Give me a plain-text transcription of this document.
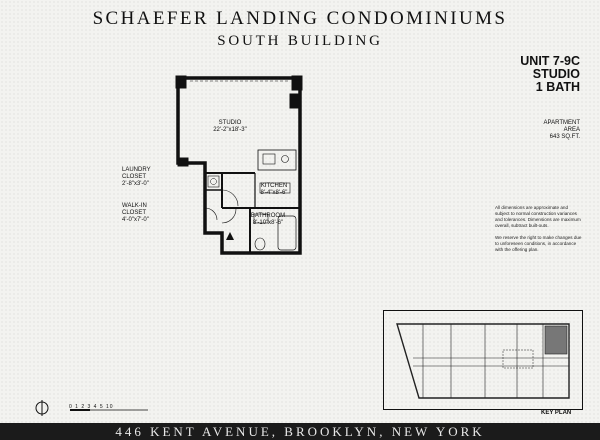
SCHAEFER LANDING CONDOMINIUMS
SOUTH BUILDING
UNIT 7-9C
STUDIO
1 BATH
APARTMENT
AREA
643 SQ.FT.
STUDIO
22'-2"x18'-3"
KITCHEN
8'-4"x8'-6"
BATHROOM
8'-10"x8'-6"
LAUNDRY
CLOSET
2'-8"x3'-0"
WALK-IN
CLOSET
4'-0"x7'-0"

All dimensions are approximate and subject to normal construction variances and tolerances. Dimensions are maximum overall, subtract built-outs.

We reserve the right to make changes due to unforeseen conditions, in accordance with the offering plan.

KEY PLAN
0 1 2 3 4 5 10
446 KENT AVENUE, BROOKLYN, NEW YORK
